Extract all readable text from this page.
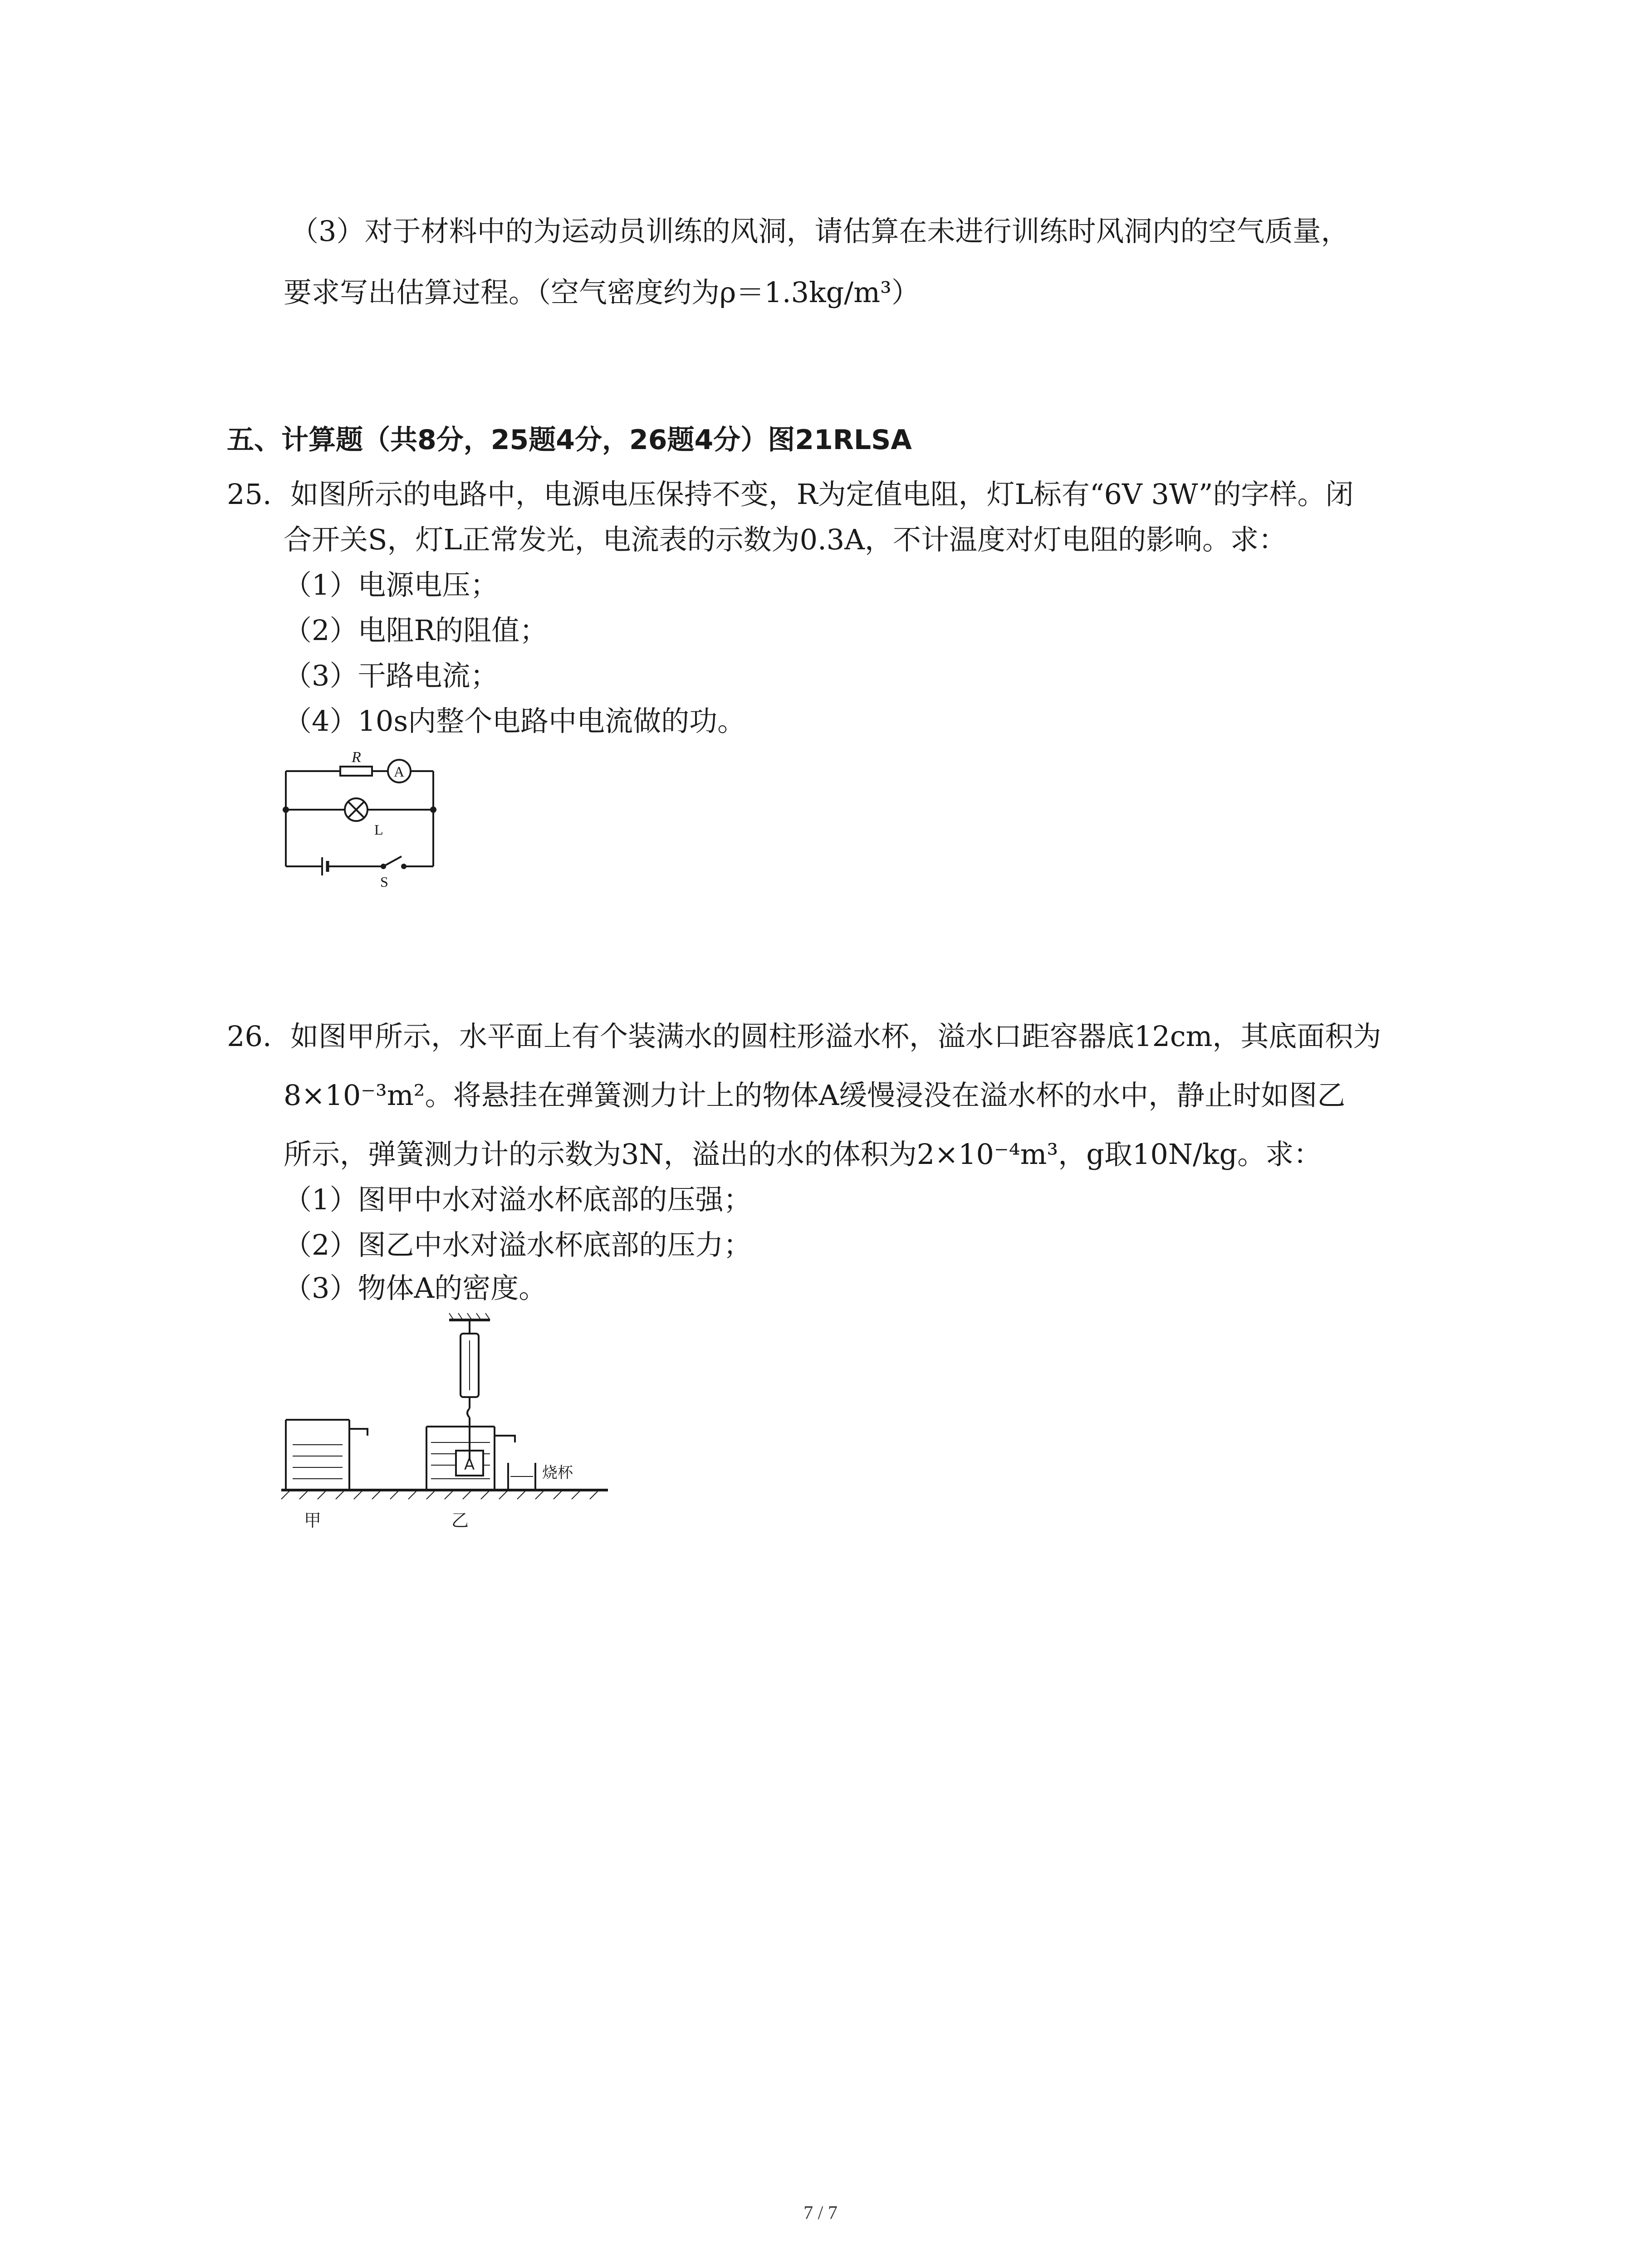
（3）对于材料中的为运动员训练的风洞，请估算在未进行训练时风洞内的空气质量，
要求写出估算过程。（空气密度约为ρ＝1.3kg/m³）
五、计算题（共8分，25题4分，26题4分）图21RLSA
25. 如图所示的电路中，电源电压保持不变，R为定值电阻，灯L标有“6V 3W”的字样。闭
合开关S，灯L正常发光，电流表的示数为0.3A，不计温度对灯电阻的影响。求：
（1）电源电压；
（2）电阻R的阻值；
（3）干路电流；
（4）10s内整个电路中电流做的功。
R
A
L
S
26. 如图甲所示，水平面上有个装满水的圆柱形溢水杯，溢水口距容器底12cm，其底面积为
8×10⁻³m²。将悬挂在弹簧测力计上的物体A缓慢浸没在溢水杯的水中，静止时如图乙
所示，弹簧测力计的示数为3N，溢出的水的体积为2×10⁻⁴m³，g取10N/kg。求：
（1）图甲中水对溢水杯底部的压强；
（2）图乙中水对溢水杯底部的压力；
（3）物体A的密度。
甲	乙
A	烧杯
7 / 7
